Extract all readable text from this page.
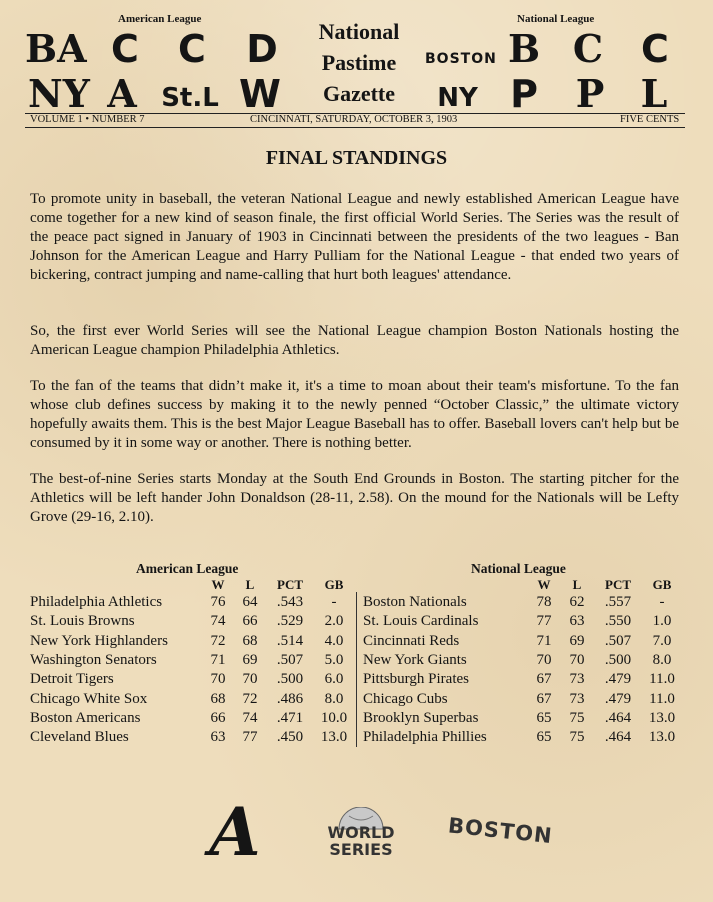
American League	National League
BA C	C	D
NY A St.L W
National
Pastime
Gazette
BOSTON B C C
NY P P L
VOLUME 1 • NUMBER 7	CINCINNATI, SATURDAY, OCTOBER 3, 1903	FIVE CENTS
FINAL STANDINGS
To promote unity in baseball, the veteran National League and newly established American League have come together for a new kind of season finale, the first official World Series. The Series was the result of the peace pact signed in January of 1903 in Cincinnati between the presidents of the two leagues - Ban Johnson for the American League and Harry Pulliam for the National League - that ended two years of bickering, contract jumping and name-calling that hurt both leagues' attendance.
So, the first ever World Series will see the National League champion Boston Nationals hosting the American League champion Philadelphia Athletics.
To the fan of the teams that didn’t make it, it's a time to moan about their team's misfortune. To the fan whose club defines success by making it to the newly penned “October Classic,” the ultimate victory hopefully awaits them. This is the best Major League Baseball has to offer. Baseball lovers can't help but be consumed by it in some way or another. There is nothing better.
The best-of-nine Series starts Monday at the South End Grounds in Boston. The starting pitcher for the Athletics will be left hander John Donaldson (28-11, 2.58). On the mound for the Nationals will be Lefty Grove (29-16, 2.10).
American League	National League
W	L	PCT	GB	W	L	PCT	GB
Philadelphia Athletics	76	64	.543	-
St. Louis Browns	74	66	.529	2.0
New York Highlanders	72	68	.514	4.0
Washington Senators	71	69	.507	5.0
Detroit Tigers	70	70	.500	6.0
Chicago White Sox	68	72	.486	8.0
Boston Americans	66	74	.471	10.0
Cleveland Blues	63	77	.450	13.0
Boston Nationals	78	62	.557	-
St. Louis Cardinals	77	63	.550	1.0
Cincinnati Reds	71	69	.507	7.0
New York Giants	70	70	.500	8.0
Pittsburgh Pirates	67	73	.479	11.0
Chicago Cubs	67	73	.479	11.0
Brooklyn Superbas	65	75	.464	13.0
Philadelphia Phillies	65	75	.464	13.0
A	WORLD
SERIES
BOSTON
